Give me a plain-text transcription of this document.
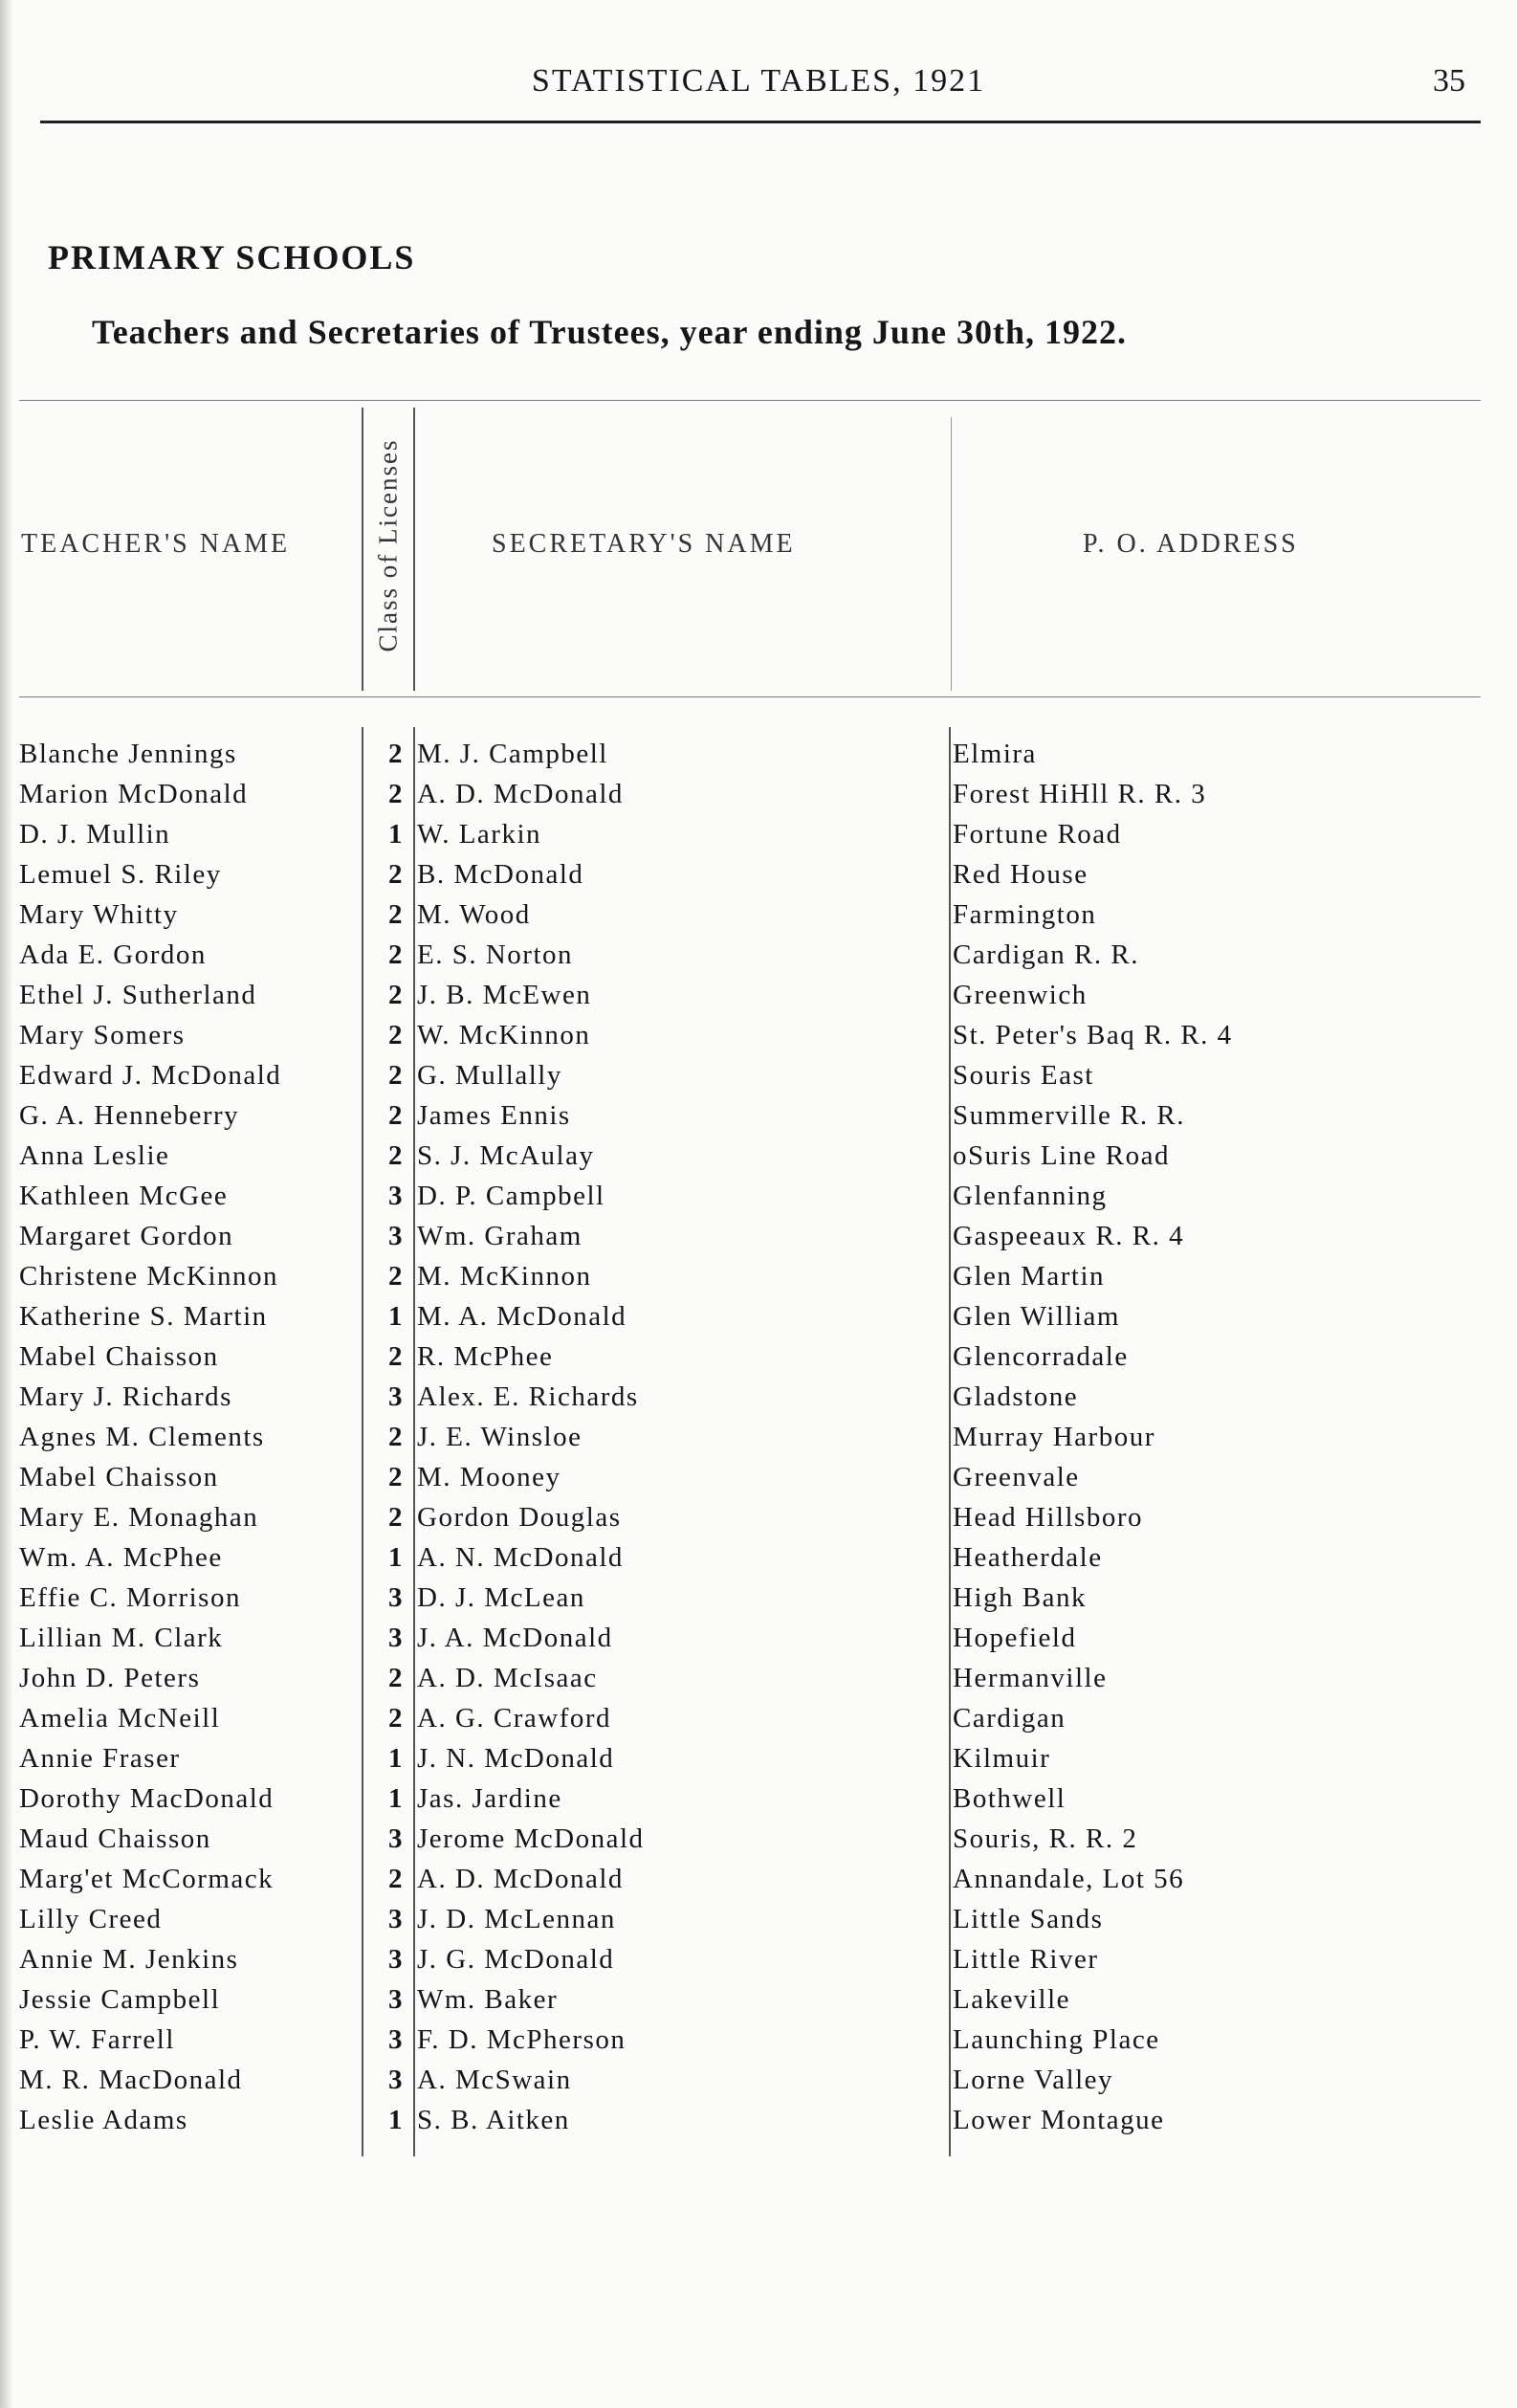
STATISTICAL TABLES, 1921	35
PRIMARY SCHOOLS
Teachers and Secretaries of Trustees, year ending June 30th, 1922.
TEACHER'S NAME	Class of Licenses	SECRETARY'S NAME	P. O. ADDRESS
Blanche Jennings	2 M. J. Campbell	Elmira
Marion McDonald	2 A. D. McDonald	Forest HiHll R. R. 3
D. J. Mullin	1 W. Larkin	Fortune Road
Lemuel S. Riley	2 B. McDonald	Red House
Mary Whitty	2 M. Wood	Farmington
Ada E. Gordon	2 E. S. Norton	Cardigan R. R.
Ethel J. Sutherland	2 J. B. McEwen	Greenwich
Mary Somers	2 W. McKinnon	St. Peter's Baq R. R. 4
Edward J. McDonald	2 G. Mullally	Souris East
G. A. Henneberry	2 James Ennis	Summerville R. R.
Anna Leslie	2 S. J. McAulay	oSuris Line Road
Kathleen McGee	3 D. P. Campbell	Glenfanning
Margaret Gordon	3 Wm. Graham	Gaspeeaux R. R. 4
Christene McKinnon	2 M. McKinnon	Glen Martin
Katherine S. Martin	1 M. A. McDonald	Glen William
Mabel Chaisson	2 R. McPhee	Glencorradale
Mary J. Richards	3 Alex. E. Richards	Gladstone
Agnes M. Clements	2 J. E. Winsloe	Murray Harbour
Mabel Chaisson	2 M. Mooney	Greenvale
Mary E. Monaghan	2 Gordon Douglas	Head Hillsboro
Wm. A. McPhee	1 A. N. McDonald	Heatherdale
Effie C. Morrison	3 D. J. McLean	High Bank
Lillian M. Clark	3 J. A. McDonald	Hopefield
John D. Peters	2 A. D. McIsaac	Hermanville
Amelia McNeill	2 A. G. Crawford	Cardigan
Annie Fraser	1 J. N. McDonald	Kilmuir
Dorothy MacDonald	1 Jas. Jardine	Bothwell
Maud Chaisson	3 Jerome McDonald	Souris, R. R. 2
Marg'et McCormack	2 A. D. McDonald	Annandale, Lot 56
Lilly Creed	3 J. D. McLennan	Little Sands
Annie M. Jenkins	3 J. G. McDonald	Little River
Jessie Campbell	3 Wm. Baker	Lakeville
P. W. Farrell	3 F. D. McPherson	Launching Place
M. R. MacDonald	3 A. McSwain	Lorne Valley
Leslie Adams	1 S. B. Aitken	Lower Montague
